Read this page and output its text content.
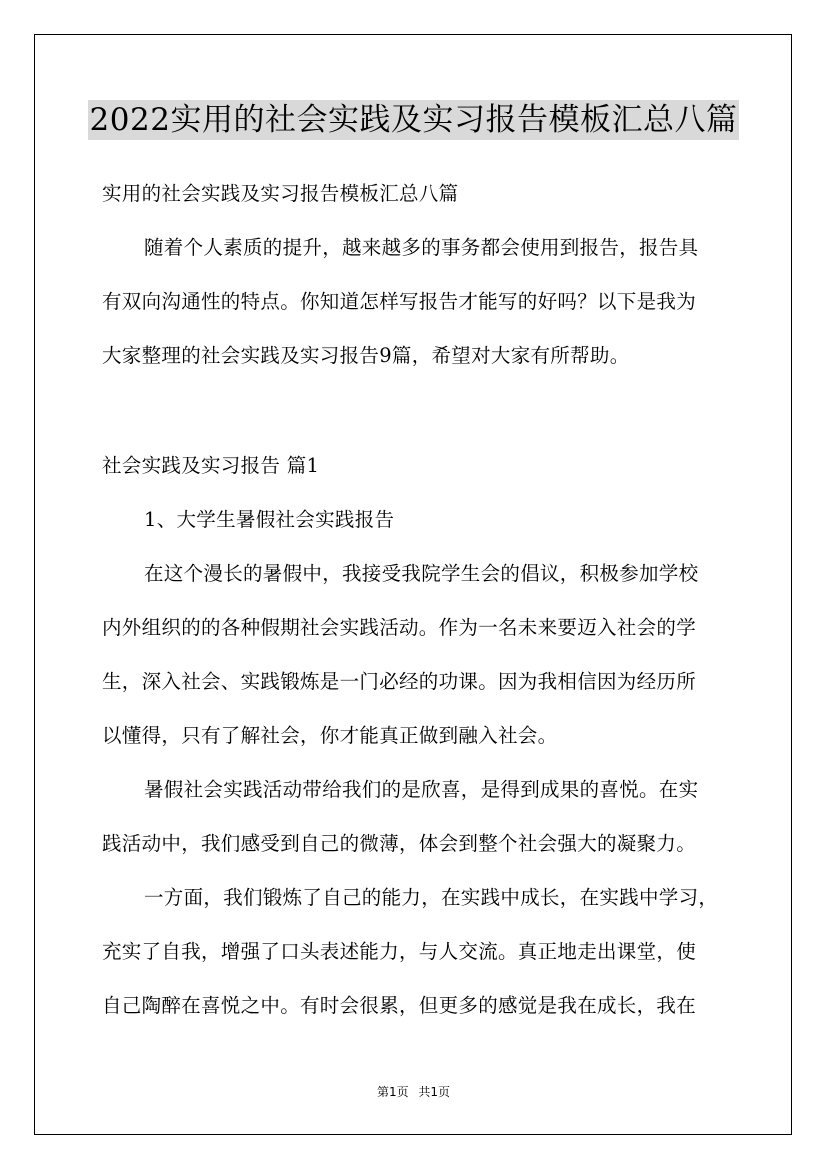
2022实用的社会实践及实习报告模板汇总八篇
实用的社会实践及实习报告模板汇总八篇
随着个人素质的提升，越来越多的事务都会使用到报告，报告具
有双向沟通性的特点。你知道怎样写报告才能写的好吗？以下是我为
大家整理的社会实践及实习报告9篇，希望对大家有所帮助。
社会实践及实习报告 篇1
1、大学生暑假社会实践报告
在这个漫长的暑假中，我接受我院学生会的倡议，积极参加学校
内外组织的的各种假期社会实践活动。作为一名未来要迈入社会的学
生，深入社会、实践锻炼是一门必经的功课。因为我相信因为经历所
以懂得，只有了解社会，你才能真正做到融入社会。
暑假社会实践活动带给我们的是欣喜，是得到成果的喜悦。在实
践活动中，我们感受到自己的微薄，体会到整个社会强大的凝聚力。
一方面，我们锻炼了自己的能力，在实践中成长，在实践中学习，
充实了自我，增强了口头表述能力，与人交流。真正地走出课堂，使
自己陶醉在喜悦之中。有时会很累，但更多的感觉是我在成长，我在
第1页 共1页
